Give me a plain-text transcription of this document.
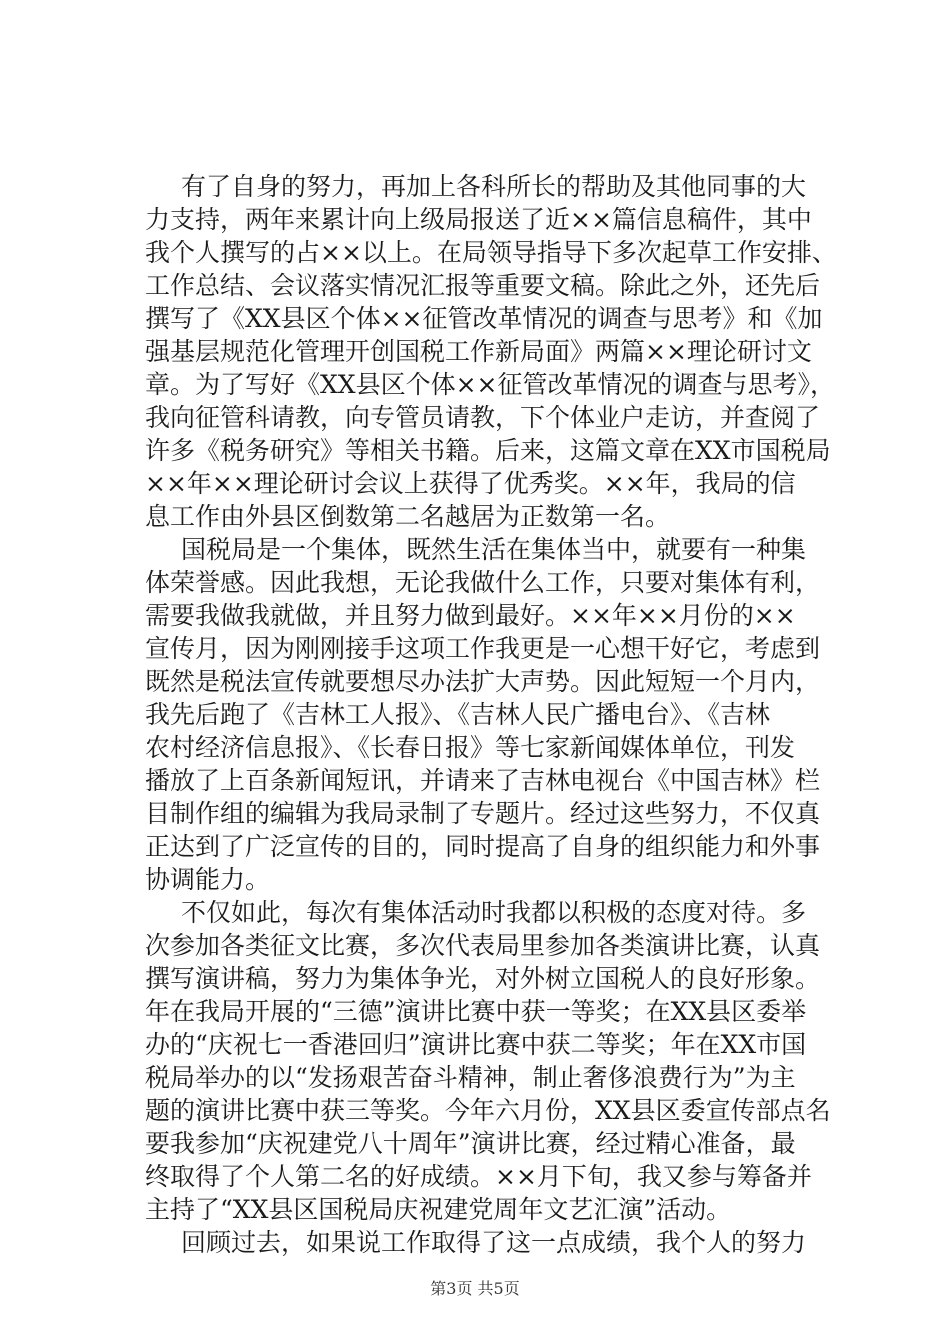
有了自身的努力，再加上各科所长的帮助及其他同事的大
力支持，两年来累计向上级局报送了近××篇信息稿件，其中
我个人撰写的占××以上。在局领导指导下多次起草工作安排、
工作总结、会议落实情况汇报等重要文稿。除此之外，还先后
撰写了《XX县区个体××征管改革情况的调查与思考》和《加
强基层规范化管理开创国税工作新局面》两篇××理论研讨文
章。为了写好《XX县区个体××征管改革情况的调查与思考》，
我向征管科请教，向专管员请教，下个体业户走访，并查阅了
许多《税务研究》等相关书籍。后来，这篇文章在XX市国税局
××年××理论研讨会议上获得了优秀奖。××年，我局的信
息工作由外县区倒数第二名越居为正数第一名。

国税局是一个集体，既然生活在集体当中，就要有一种集
体荣誉感。因此我想，无论我做什么工作，只要对集体有利，
需要我做我就做，并且努力做到最好。××年××月份的××
宣传月，因为刚刚接手这项工作我更是一心想干好它，考虑到
既然是税法宣传就要想尽办法扩大声势。因此短短一个月内，
我先后跑了《吉林工人报》、《吉林人民广播电台》、《吉林
农村经济信息报》、《长春日报》等七家新闻媒体单位，刊发
播放了上百条新闻短讯，并请来了吉林电视台《中国吉林》栏
目制作组的编辑为我局录制了专题片。经过这些努力，不仅真
正达到了广泛宣传的目的，同时提高了自身的组织能力和外事
协调能力。

不仅如此，每次有集体活动时我都以积极的态度对待。多
次参加各类征文比赛，多次代表局里参加各类演讲比赛，认真
撰写演讲稿，努力为集体争光，对外树立国税人的良好形象。
年在我局开展的“三德”演讲比赛中获一等奖；在XX县区委举
办的“庆祝七一香港回归”演讲比赛中获二等奖；年在XX市国
税局举办的以“发扬艰苦奋斗精神，制止奢侈浪费行为”为主
题的演讲比赛中获三等奖。今年六月份，XX县区委宣传部点名
要我参加“庆祝建党八十周年”演讲比赛，经过精心准备，最
终取得了个人第二名的好成绩。××月下旬，我又参与筹备并
主持了“XX县区国税局庆祝建党周年文艺汇演”活动。

回顾过去，如果说工作取得了这一点成绩，我个人的努力

第3页 共5页
